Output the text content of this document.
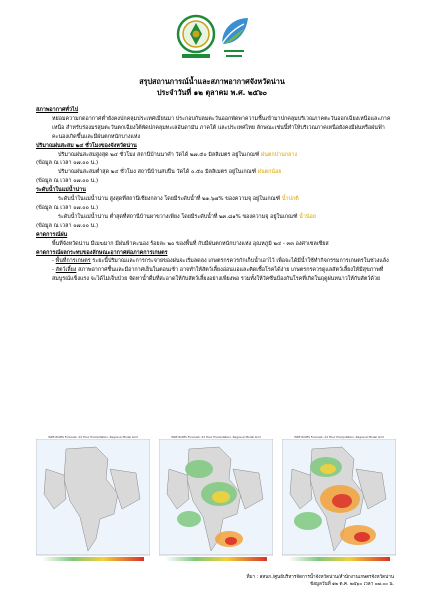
สรุปสถานการณ์น้ำและสภาพอากาศจังหวัดน่าน
ประจำวันที่ ๑๒ ตุลาคม พ.ศ. ๒๕๖๐

สภาพอากาศทั่วไป

หย่อมความกดอากาศต่ำยังคงปกคลุมประเทศเมียนมา ประกอบกับลมตะวันออกพัดพาความชื้นเข้ามาปกคลุมบริเวณภาคตะวันออกเฉียงเหนือและภาคเหนือ สำหรับร่องมรสุมตะวันตกเฉียงใต้พัดปกคลุมทะเลอันดามัน ภาคใต้ และประเทศไทย ลักษณะเช่นนี้ทำให้บริเวณภาคเหนือยังคงมีฝนหรือฝนฟ้าคะนองเกิดขึ้นและมีฝนตกหนักบางแห่ง

ปริมาณฝนสะสม ๒๔ ชั่วโมงของจังหวัดน่าน

ปริมาณฝนสะสมสูงสุด ๒๔ ชั่วโมง สถานีบ้านนาคำ วัดได้ ๒๗.๕๐ มิลลิเมตร อยู่ในเกณฑ์ ฝนตกปานกลาง

(ข้อมูล ณ เวลา ๐๗.๐๐ น.)

ปริมาณฝนสะสมต่ำสุด ๒๔ ชั่วโมง สถานีบ้านสบปืน วัดได้ ๐.๕๐ มิลลิเมตร อยู่ในเกณฑ์ ฝนตกน้อย

(ข้อมูล ณ เวลา ๐๗.๐๐ น.)

ระดับน้ำในแม่น้ำน่าน

ระดับน้ำในแม่น้ำน่าน สูงสุดที่สถานีเชียงกลาง โดยมีระดับน้ำที่ ๒๑.๖๗% ของความจุ อยู่ในเกณฑ์ น้ำปกติ

(ข้อมูล ณ เวลา ๐๗.๐๐ น.)

ระดับน้ำในแม่น้ำน่าน ต่ำสุดที่สถานีบ้านผาขวางเพียง โดยมีระดับน้ำที่ ๒๓.๘๑% ของความจุ อยู่ในเกณฑ์ น้ำน้อย

(ข้อมูล ณ เวลา ๐๗.๐๐ น.)

คาดการณ์ฝน

พื้นที่จังหวัดน่าน มีเมฆมาก มีฝนฟ้าคะนอง ร้อยละ ๒๐ ของพื้นที่ กับมีฝนตกหนักบางแห่ง อุณหภูมิ ๒๔ - ๓๓ องศาเซลเซียส

คาดการณ์ผลกระทบของลักษณะอากาศต่อภาคการเกษตร

- พื้นที่การเกษตร ระยะนี้ปริมาณและการกระจายของฝนจะเริ่มลดลง เกษตรกรควรกักเก็บน้ำเอาไว้ เพื่อจะได้มีน้ำใช้ทำกิจกรรมการเกษตรในช่วงแล้ง

- สัตว์เลี้ยง สภาพอากาศชื้นและมีอากาศเย็นในตอนเช้า อาจทำให้สัตว์เลี้ยงอ่อนแอและติดเชื้อโรคได้ง่าย เกษตรกรควรดูแลสัตว์เลี้ยงให้มีสุขภาพที่สมบูรณ์แข็งแรง จะได้ไม่เจ็บป่วย จัดหาน้ำดื่มที่สะอาดให้กับสัตว์เลี้ยงอย่างเพียงพอ รวมทั้งให้วัคซีนป้องกันโรคที่เกิดในฤดูฝนหนาวให้กับสัตว์ด้วย

WRF-ROMS Forecast, 24 Hour Precipitation, Regional Model Grid	WRF-ROMS Forecast, 24 Hour Precipitation, Regional Model Grid	WRF-ROMS Forecast, 24 Hour Precipitation, Regional Model Grid
ที่มา : สสนก./ศูนย์บริหารจัดการน้ำจังหวัดน่าน/สำนักงานเกษตรจังหวัดน่าน
ข้อมูลวันที่ ๑๒ ต.ค. ๒๕๖๐ เวลา ๐๗.๐๐ น.
